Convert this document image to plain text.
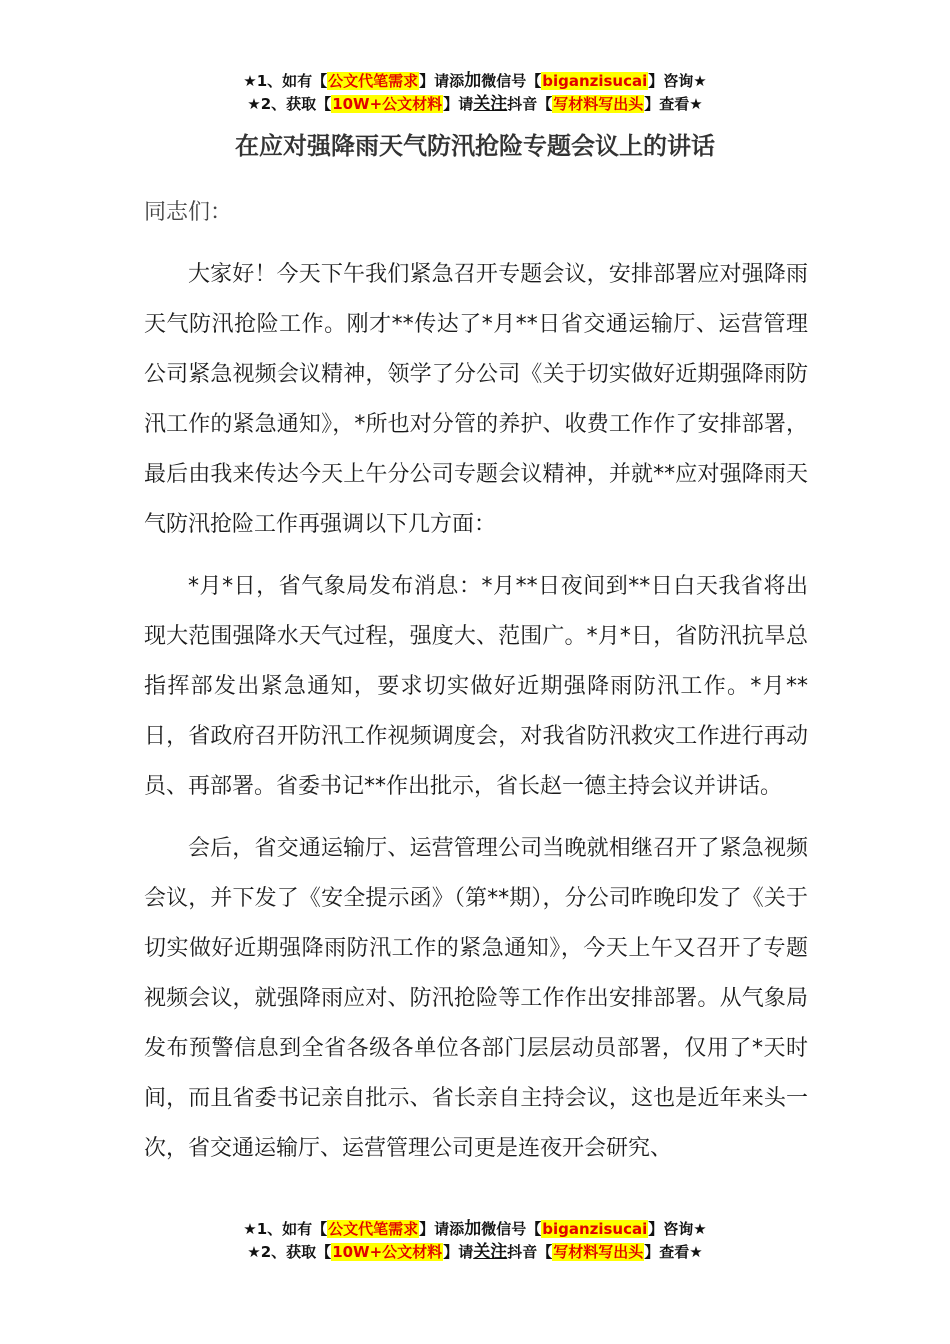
★1、如有【公文代笔需求】请添加微信号【biganzisucai】咨询★
★2、获取【10W+公文材料】请关注抖音【写材料写出头】查看★
在应对强降雨天气防汛抢险专题会议上的讲话
同志们：

大家好！今天下午我们紧急召开专题会议，安排部署应对强降雨天气防汛抢险工作。刚才**传达了*月**日省交通运输厅、运营管理公司紧急视频会议精神，领学了分公司《关于切实做好近期强降雨防汛工作的紧急通知》，*所也对分管的养护、收费工作作了安排部署，最后由我来传达今天上午分公司专题会议精神，并就**应对强降雨天气防汛抢险工作再强调以下几方面：

*月*日，省气象局发布消息：*月**日夜间到**日白天我省将出现大范围强降水天气过程，强度大、范围广。*月*日，省防汛抗旱总指挥部发出紧急通知，要求切实做好近期强降雨防汛工作。*月**日，省政府召开防汛工作视频调度会，对我省防汛救灾工作进行再动员、再部署。省委书记**作出批示，省长赵一德主持会议并讲话。

会后，省交通运输厅、运营管理公司当晚就相继召开了紧急视频会议，并下发了《安全提示函》（第**期），分公司昨晚印发了《关于切实做好近期强降雨防汛工作的紧急通知》，今天上午又召开了专题视频会议，就强降雨应对、防汛抢险等工作作出安排部署。从气象局发布预警信息到全省各级各单位各部门层层动员部署，仅用了*天时间，而且省委书记亲自批示、省长亲自主持会议，这也是近年来头一次，省交通运输厅、运营管理公司更是连夜开会研究、

★1、如有【公文代笔需求】请添加微信号【biganzisucai】咨询★
★2、获取【10W+公文材料】请关注抖音【写材料写出头】查看★
